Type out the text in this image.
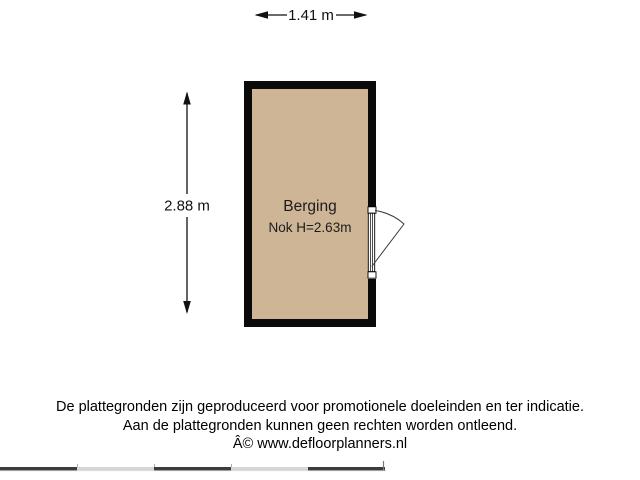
1.41 m
2.88 m	Berging
Nok H=2.63m
De plattegronden zijn geproduceerd voor promotionele doeleinden en ter indicatie.
Aan de plattegronden kunnen geen rechten worden ontleend.
Â© www.defloorplanners.nl
